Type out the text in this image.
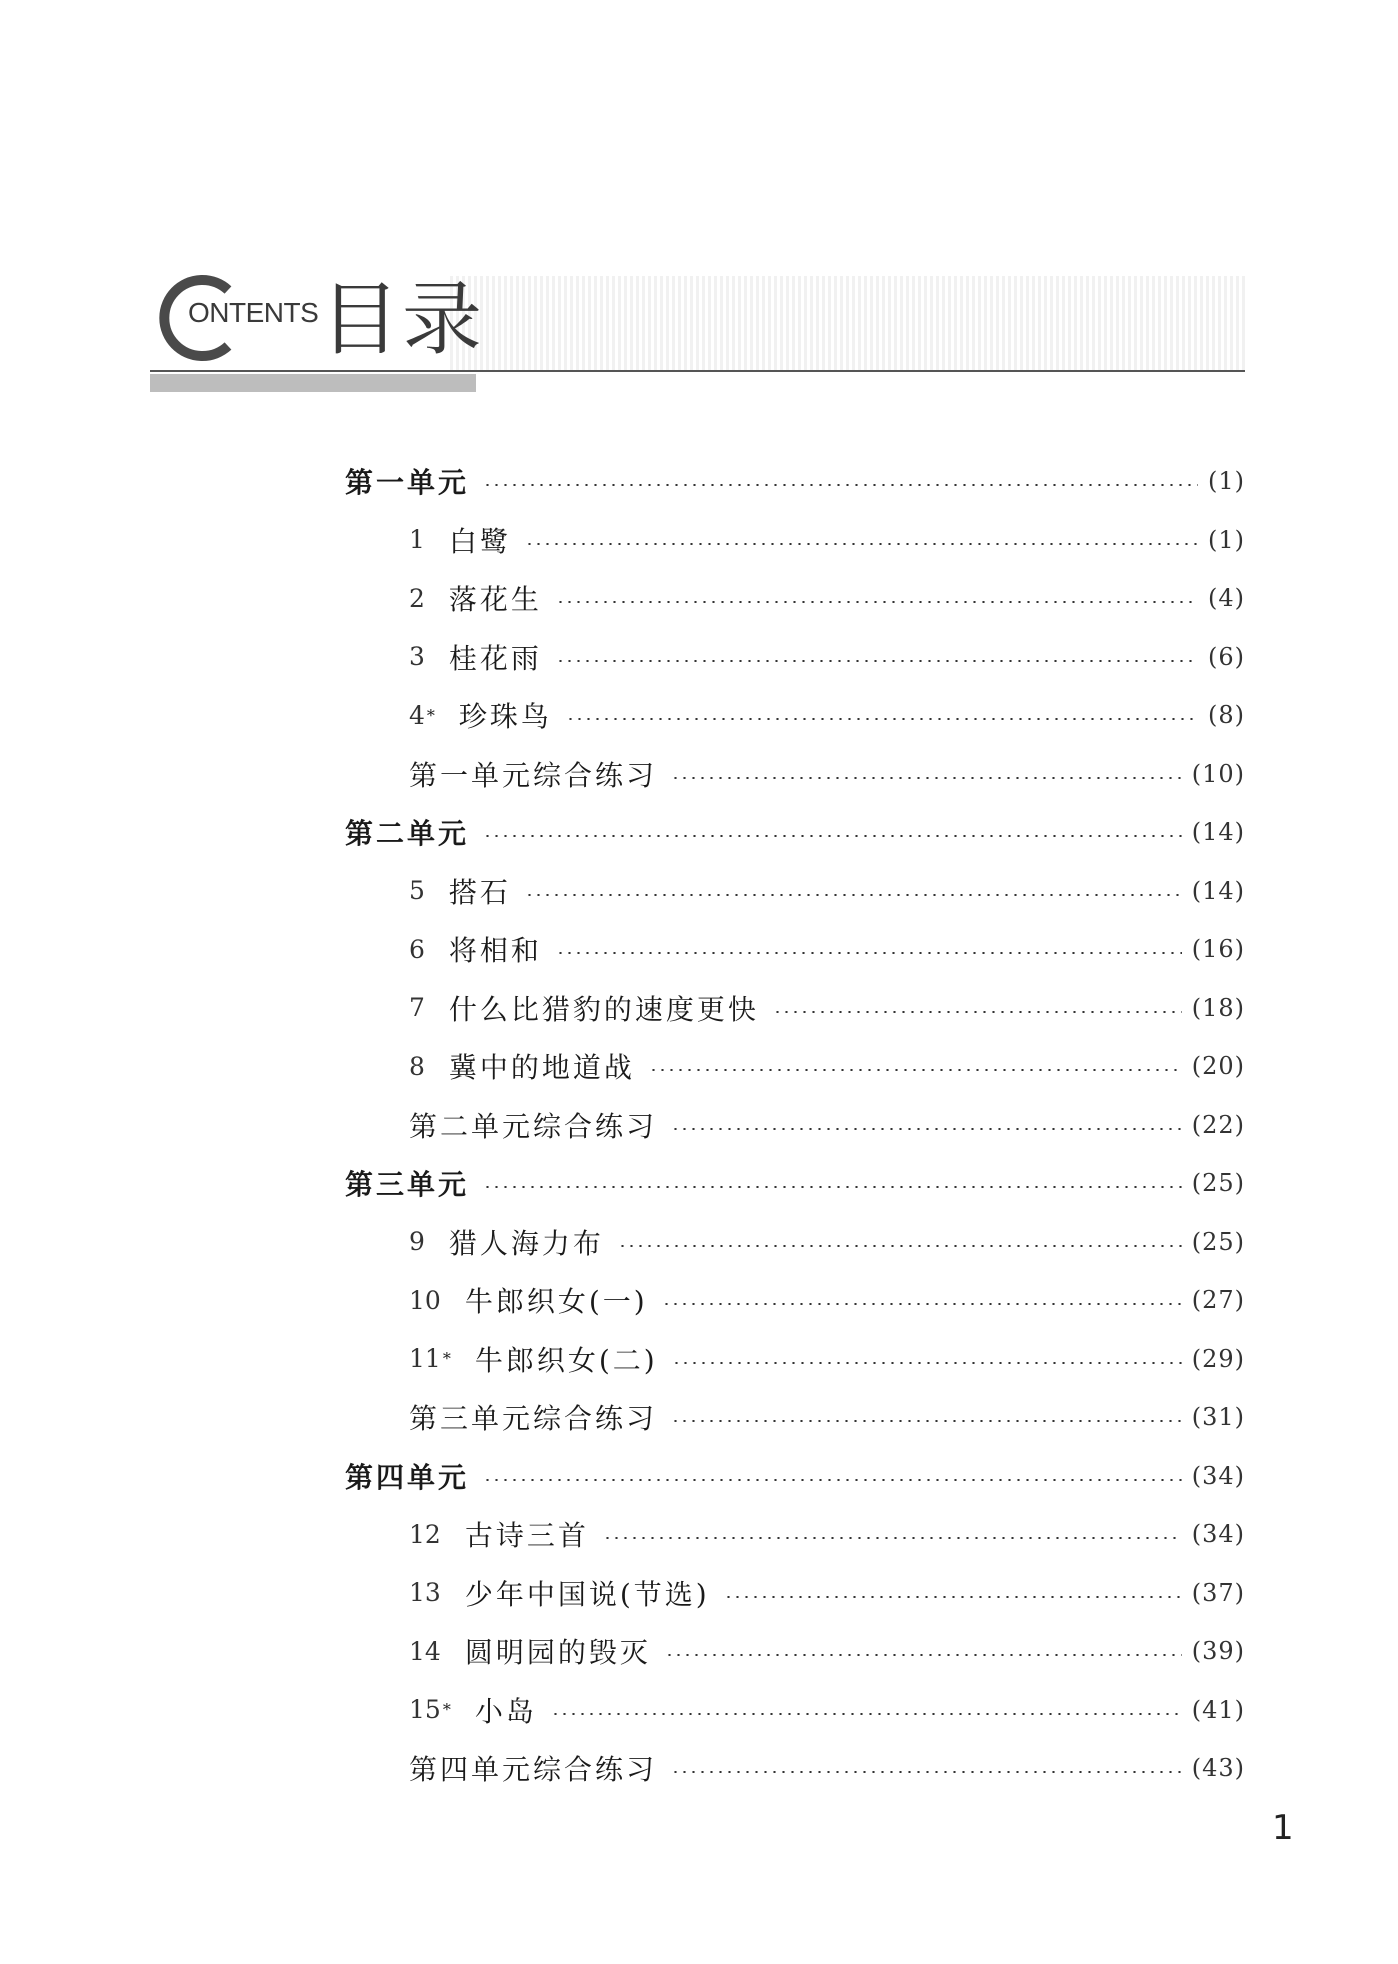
ONTENTS 目录
第一单元	(1)
1 白鹭	(1)
2 落花生	(4)
3 桂花雨	(6)
4 * 珍珠鸟	(8)
第一单元综合练习	(10)
第二单元	(14)
5 搭石	(14)
6 将相和	(16)
7 什么比猎豹的速度更快	(18)
8 冀中的地道战	(20)
第二单元综合练习	(22)
第三单元	(25)
9 猎人海力布	(25)
10 牛郎织女(一)	(27)
11 * 牛郎织女(二)	(29)
第三单元综合练习	(31)
第四单元	(34)
12 古诗三首	(34)
13 少年中国说(节选)	(37)
14 圆明园的毁灭	(39)
15 * 小岛	(41)
第四单元综合练习	(43)
1
